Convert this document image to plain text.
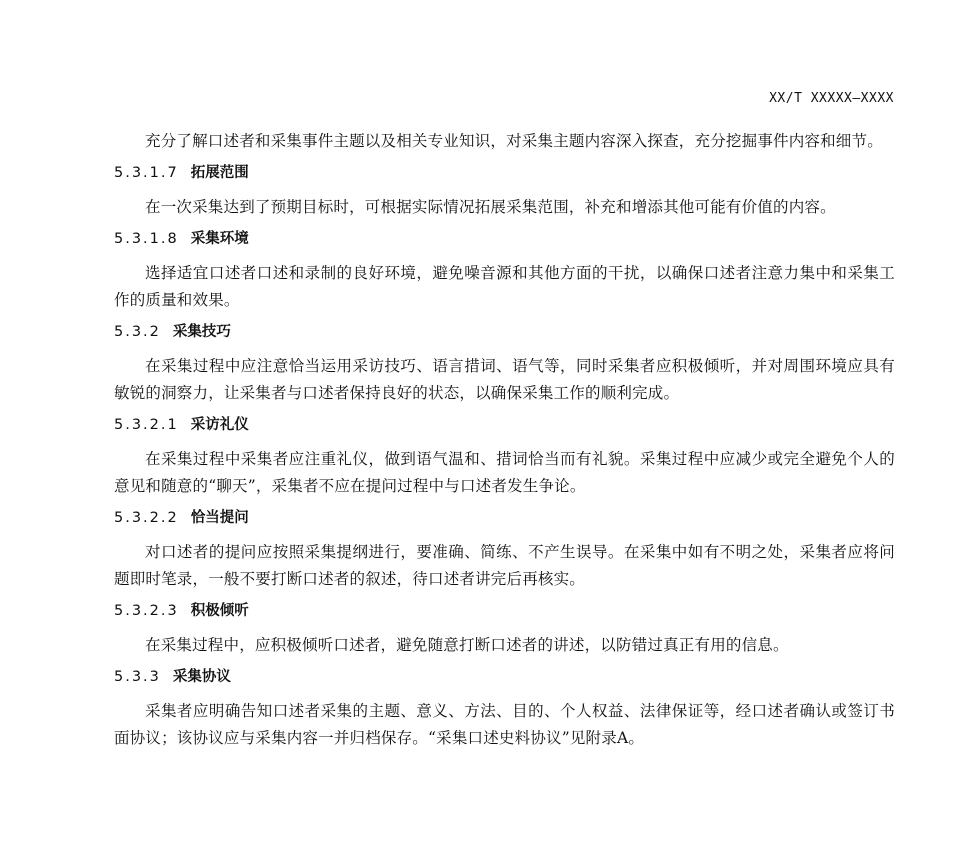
XX/T XXXXX—XXXX

充分了解口述者和采集事件主题以及相关专业知识，对采集主题内容深入探查，充分挖掘事件内容和细节。

5.3.1.7 拓展范围

在一次采集达到了预期目标时，可根据实际情况拓展采集范围，补充和增添其他可能有价值的内容。

5.3.1.8 采集环境

选择适宜口述者口述和录制的良好环境，避免噪音源和其他方面的干扰，以确保口述者注意力集中和采集工作的质量和效果。

5.3.2 采集技巧

在采集过程中应注意恰当运用采访技巧、语言措词、语气等，同时采集者应积极倾听，并对周围环境应具有敏锐的洞察力，让采集者与口述者保持良好的状态，以确保采集工作的顺利完成。

5.3.2.1 采访礼仪

在采集过程中采集者应注重礼仪，做到语气温和、措词恰当而有礼貌。采集过程中应减少或完全避免个人的意见和随意的“聊天”，采集者不应在提问过程中与口述者发生争论。

5.3.2.2 恰当提问

对口述者的提问应按照采集提纲进行，要准确、简练、不产生误导。在采集中如有不明之处，采集者应将问题即时笔录，一般不要打断口述者的叙述，待口述者讲完后再核实。

5.3.2.3 积极倾听

在采集过程中，应积极倾听口述者，避免随意打断口述者的讲述，以防错过真正有用的信息。

5.3.3 采集协议

采集者应明确告知口述者采集的主题、意义、方法、目的、个人权益、法律保证等，经口述者确认或签订书面协议；该协议应与采集内容一并归档保存。“采集口述史料协议”见附录A。
